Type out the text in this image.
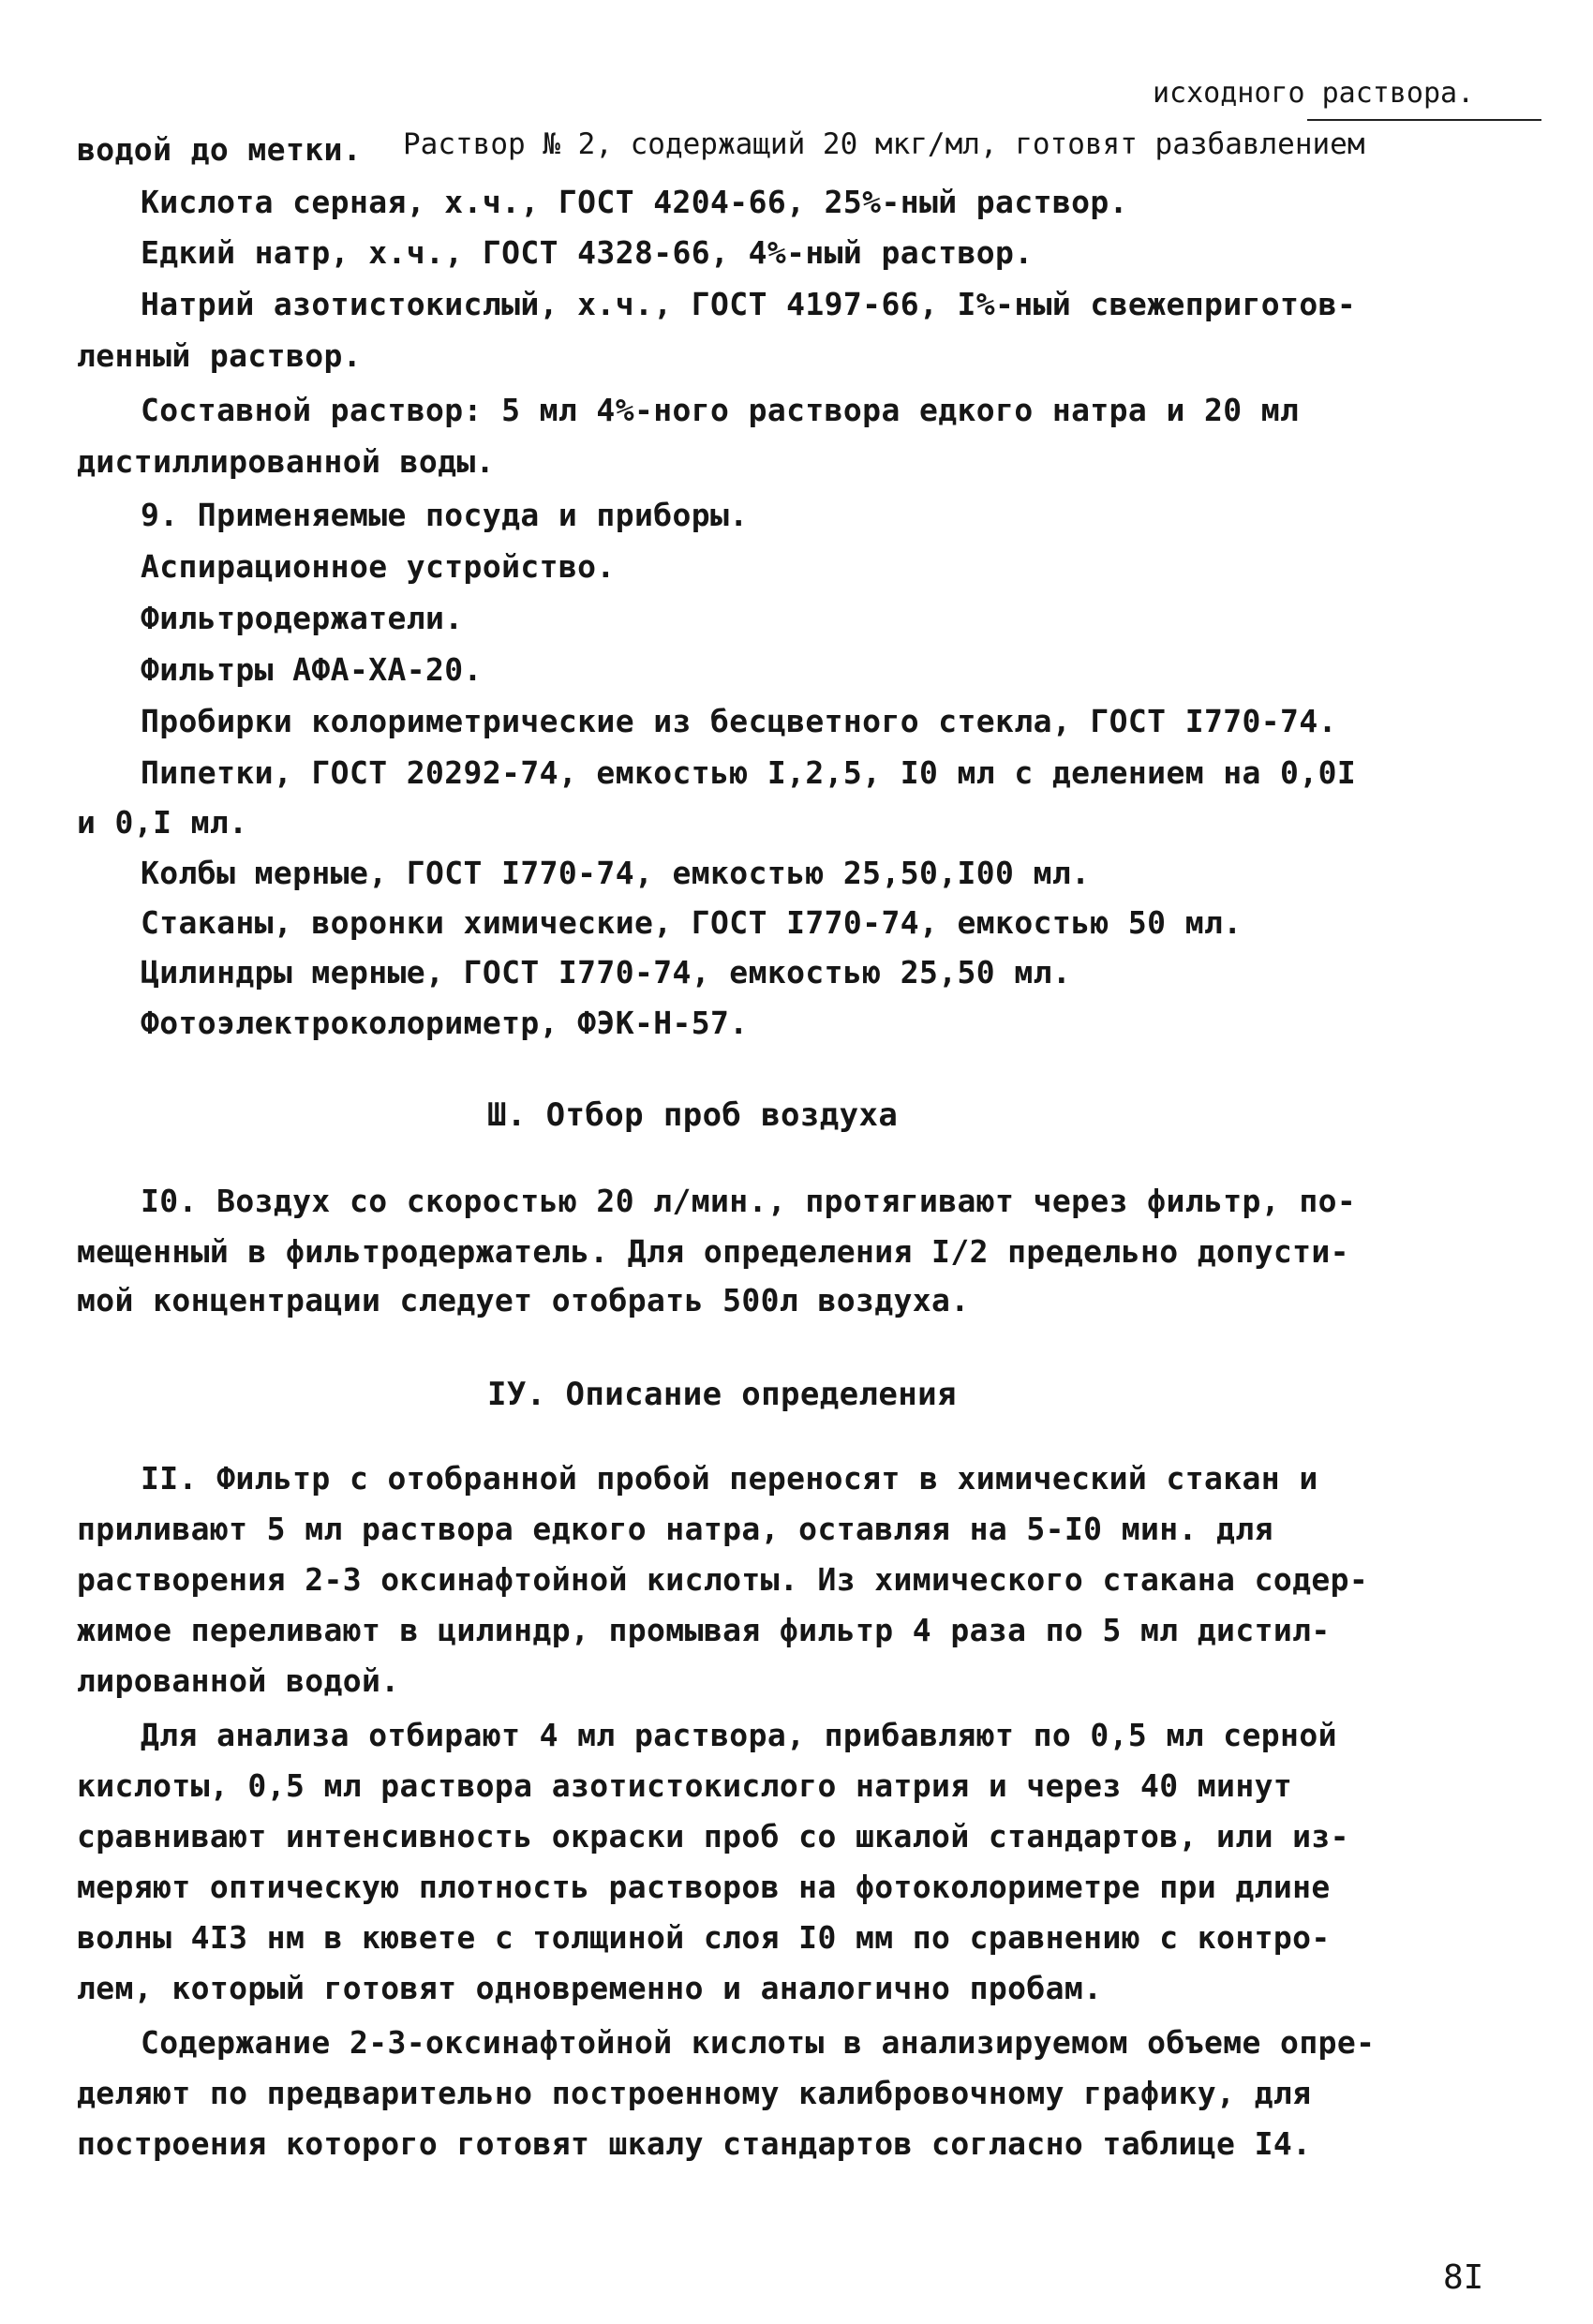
исходного раствора.
водой до метки. Раствор № 2, содержащий 20 мкг/мл, готовят разбавлением
Кислота серная, х.ч., ГОСТ 4204-66, 25%-ный раствор.
Едкий натр, х.ч., ГОСТ 4328-66, 4%-ный раствор.
Натрий азотистокислый, х.ч., ГОСТ 4197-66, I%-ный свежеприготов-
ленный раствор.
Составной раствор: 5 мл 4%-ного раствора едкого натра и 20 мл
дистиллированной воды.
9. Применяемые посуда и приборы.
Аспирационное устройство.
Фильтродержатели.
Фильтры АФА-ХА-20.
Пробирки колориметрические из бесцветного стекла, ГОСТ I770-74.
Пипетки, ГОСТ 20292-74, емкостью I,2,5, I0 мл с делением на 0,0I
и 0,I мл.
Колбы мерные, ГОСТ I770-74, емкостью 25,50,I00 мл.
Стаканы, воронки химические, ГОСТ I770-74, емкостью 50 мл.
Цилиндры мерные, ГОСТ I770-74, емкостью 25,50 мл.
Фотоэлектроколориметр, ФЭК-Н-57.
Ш. Отбор проб воздуха
I0. Воздух со скоростью 20 л/мин., протягивают через фильтр, по-
мещенный в фильтродержатель. Для определения I/2 предельно допусти-
мой концентрации следует отобрать 500л воздуха.
IУ. Описание определения
II. Фильтр с отобранной пробой переносят в химический стакан и
приливают 5 мл раствора едкого натра, оставляя на 5-I0 мин. для
растворения 2-3 оксинафтойной кислоты. Из химического стакана содер-
жимое переливают в цилиндр, промывая фильтр 4 раза по 5 мл дистил-
лированной водой.
Для анализа отбирают 4 мл раствора, прибавляют по 0,5 мл серной
кислоты, 0,5 мл раствора азотистокислого натрия и через 40 минут
сравнивают интенсивность окраски проб со шкалой стандартов, или из-
меряют оптическую плотность растворов на фотоколориметре при длине
волны 4I3 нм в кювете с толщиной слоя I0 мм по сравнению с контро-
лем, который готовят одновременно и аналогично пробам.
Содержание 2-3-оксинафтойной кислоты в анализируемом объеме опре-
деляют по предварительно построенному калибровочному графику, для
построения которого готовят шкалу стандартов согласно таблице I4.
8I
